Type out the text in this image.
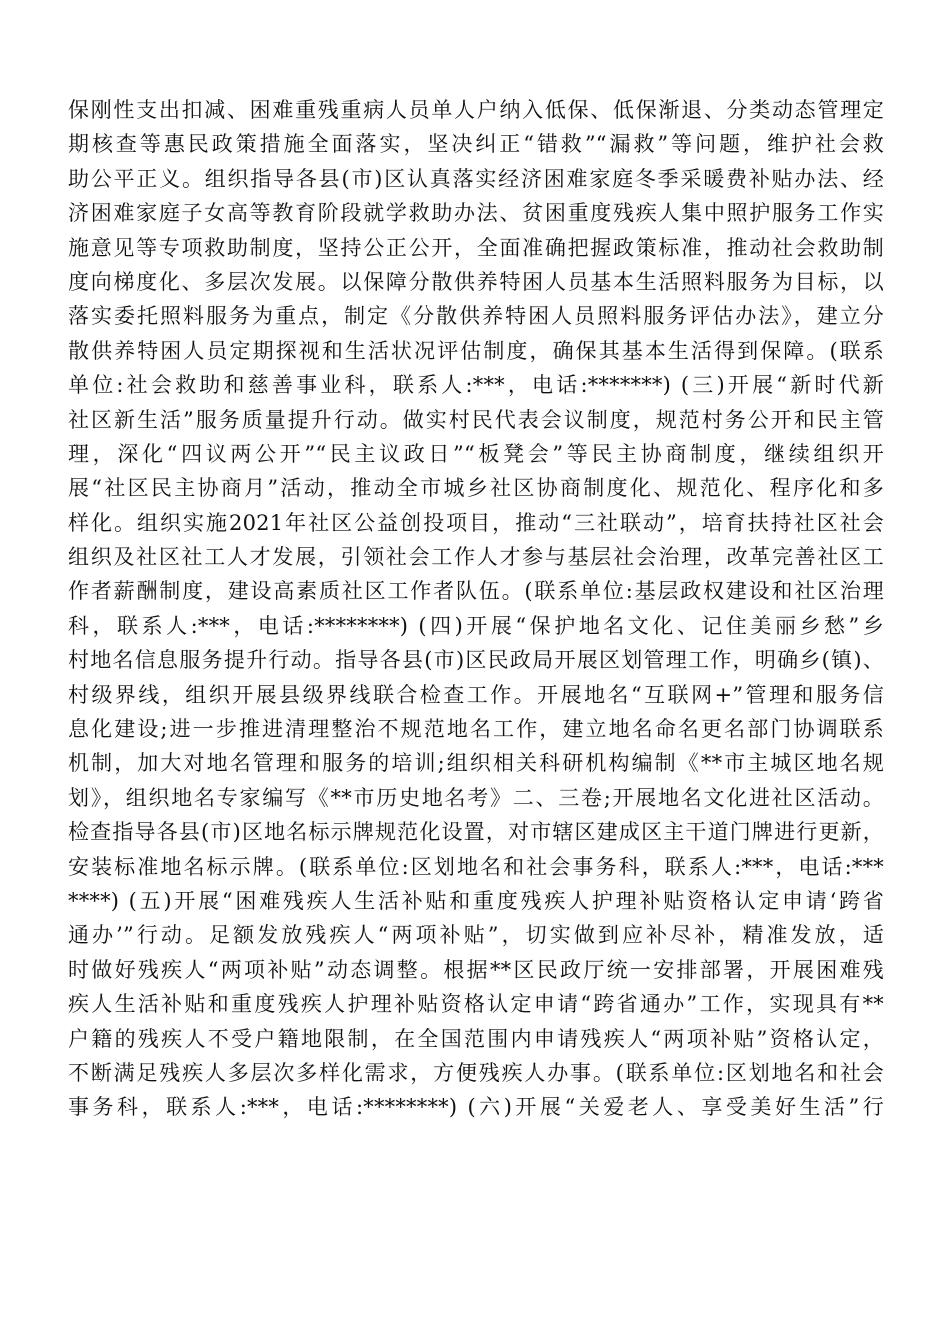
保刚性支出扣减、困难重残重病人员单人户纳入低保、低保渐退、分类动态管理定
期核查等惠民政策措施全面落实，坚决纠正“错救”“漏救”等问题，维护社会救
助公平正义。组织指导各县(市)区认真落实经济困难家庭冬季采暖费补贴办法、经
济困难家庭子女高等教育阶段就学救助办法、贫困重度残疾人集中照护服务工作实
施意见等专项救助制度，坚持公正公开，全面准确把握政策标准，推动社会救助制
度向梯度化、多层次发展。以保障分散供养特困人员基本生活照料服务为目标，以
落实委托照料服务为重点，制定《分散供养特困人员照料服务评估办法》，建立分
散供养特困人员定期探视和生活状况评估制度，确保其基本生活得到保障。(联系
单位:社会救助和慈善事业科，联系人:***，电话:*******) (三)开展“新时代新
社区新生活”服务质量提升行动。做实村民代表会议制度，规范村务公开和民主管
理，深化“四议两公开”“民主议政日”“板凳会”等民主协商制度，继续组织开
展“社区民主协商月”活动，推动全市城乡社区协商制度化、规范化、程序化和多
样化。组织实施2021年社区公益创投项目，推动“三社联动”，培育扶持社区社会
组织及社区社工人才发展，引领社会工作人才参与基层社会治理，改革完善社区工
作者薪酬制度，建设高素质社区工作者队伍。(联系单位:基层政权建设和社区治理
科，联系人:***，电话:********) (四)开展“保护地名文化、记住美丽乡愁”乡
村地名信息服务提升行动。指导各县(市)区民政局开展区划管理工作，明确乡(镇)、
村级界线，组织开展县级界线联合检查工作。开展地名“互联网+”管理和服务信
息化建设;进一步推进清理整治不规范地名工作，建立地名命名更名部门协调联系
机制，加大对地名管理和服务的培训;组织相关科研机构编制《**市主城区地名规
划》，组织地名专家编写《**市历史地名考》二、三卷;开展地名文化进社区活动。
检查指导各县(市)区地名标示牌规范化设置，对市辖区建成区主干道门牌进行更新，
安装标准地名标示牌。(联系单位:区划地名和社会事务科，联系人:***，电话:***
****) (五)开展“困难残疾人生活补贴和重度残疾人护理补贴资格认定申请‘跨省
通办’”行动。足额发放残疾人“两项补贴”，切实做到应补尽补，精准发放，适
时做好残疾人“两项补贴”动态调整。根据**区民政厅统一安排部署，开展困难残
疾人生活补贴和重度残疾人护理补贴资格认定申请“跨省通办”工作，实现具有**
户籍的残疾人不受户籍地限制，在全国范围内申请残疾人“两项补贴”资格认定，
不断满足残疾人多层次多样化需求，方便残疾人办事。(联系单位:区划地名和社会
事务科，联系人:***，电话:********) (六)开展“关爱老人、享受美好生活”行
